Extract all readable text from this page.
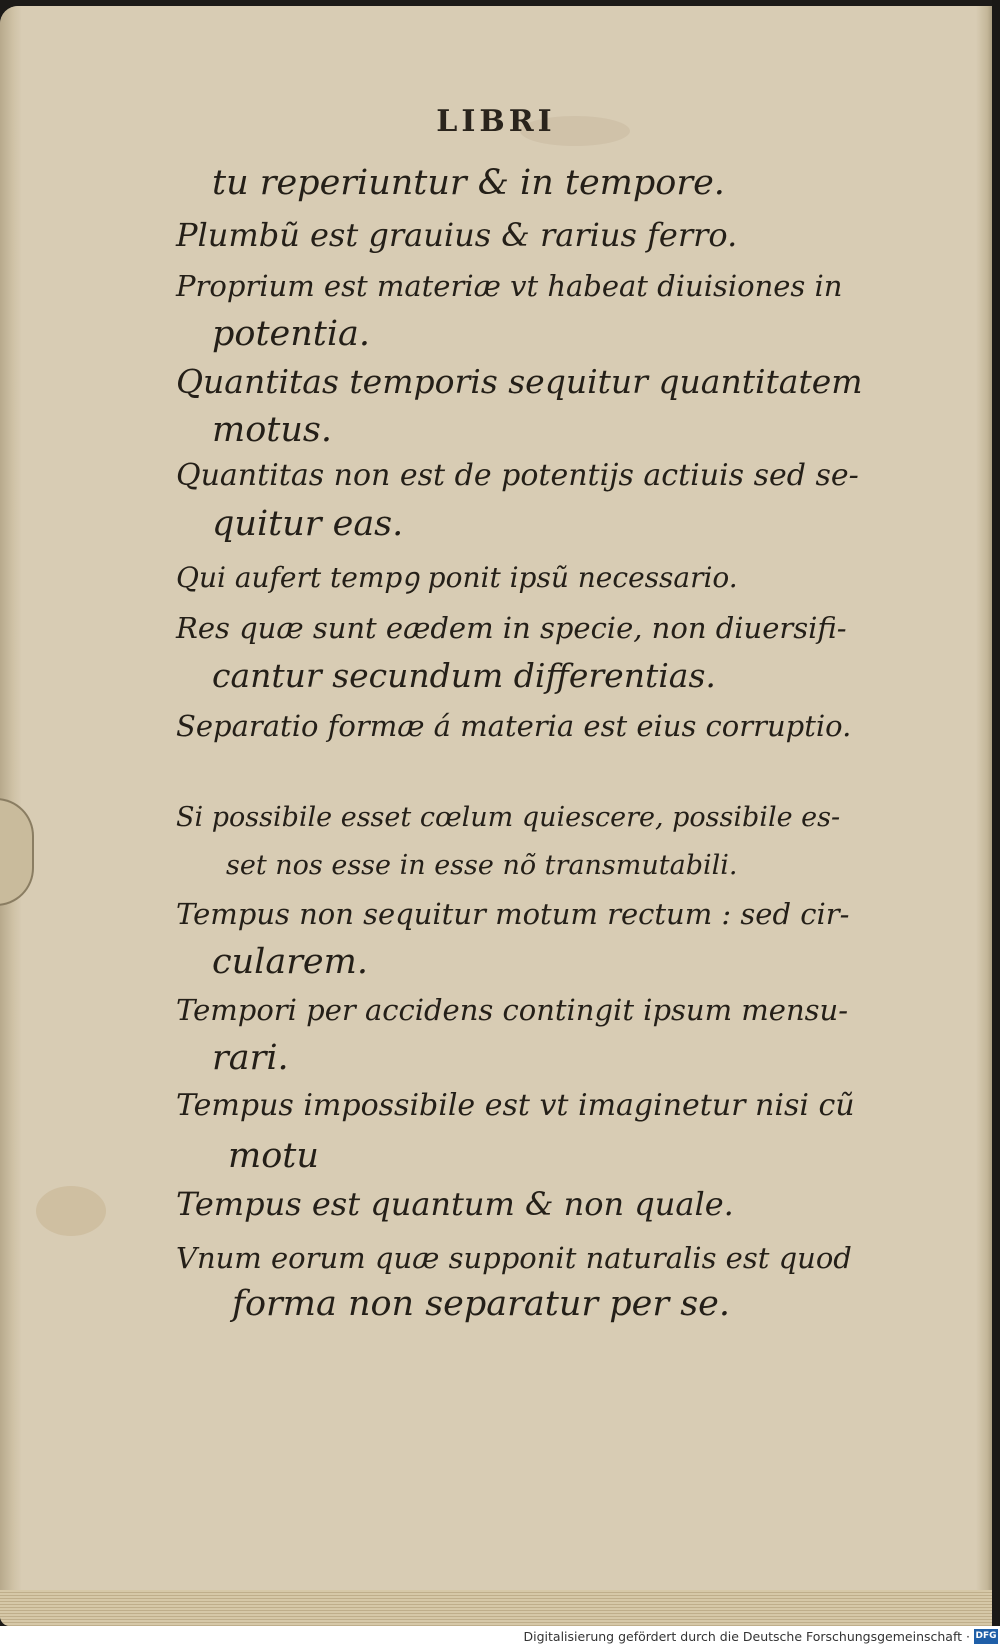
LIBRI
tu reperiuntur & in tempore.
Plumbũ est grauius & rarius ferro.
Proprium est materiæ vt habeat diuisiones in
potentia.
Quantitas temporis sequitur quantitatem
motus.
Quantitas non est de potentijs actiuis sed se-
quitur eas.
Qui aufert tempꝯ ponit ipsũ necessario.
Res quæ sunt eædem in specie, non diuersifi-
cantur secundum differentias.
Separatio formæ á materia est eius corruptio.
Si possibile esset cœlum quiescere, possibile es-
set nos esse in esse nõ transmutabili.
Tempus non sequitur motum rectum : sed cir-
cularem.
Tempori per accidens contingit ipsum mensu-
rari.
Tempus impossibile est vt imaginetur nisi cũ
motu
Tempus est quantum & non quale.
Vnum eorum quæ supponit naturalis est quod
forma non separatur per se.
Digitalisierung gefördert durch die Deutsche Forschungsgemeinschaft · DFG
